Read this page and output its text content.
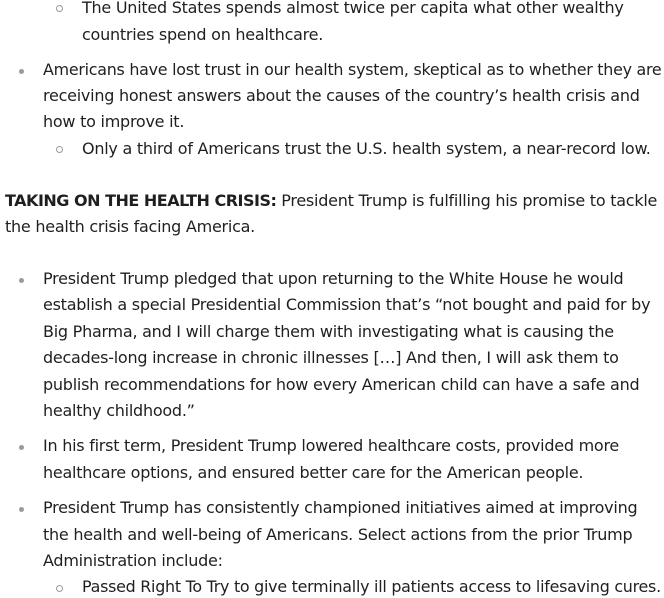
The United States spends almost twice per capita what other wealthy
countries spend on healthcare.
Americans have lost trust in our health system, skeptical as to whether they are
receiving honest answers about the causes of the country’s health crisis and
how to improve it.
Only a third of Americans trust the U.S. health system, a near-record low.
TAKING ON THE HEALTH CRISIS: President Trump is fulfilling his promise to tackle
the health crisis facing America.
President Trump pledged that upon returning to the White House he would
establish a special Presidential Commission that’s “not bought and paid for by
Big Pharma, and I will charge them with investigating what is causing the
decades-long increase in chronic illnesses […] And then, I will ask them to
publish recommendations for how every American child can have a safe and
healthy childhood.”
In his first term, President Trump lowered healthcare costs, provided more
healthcare options, and ensured better care for the American people.
President Trump has consistently championed initiatives aimed at improving
the health and well-being of Americans. Select actions from the prior Trump
Administration include:
Passed Right To Try to give terminally ill patients access to lifesaving cures.
